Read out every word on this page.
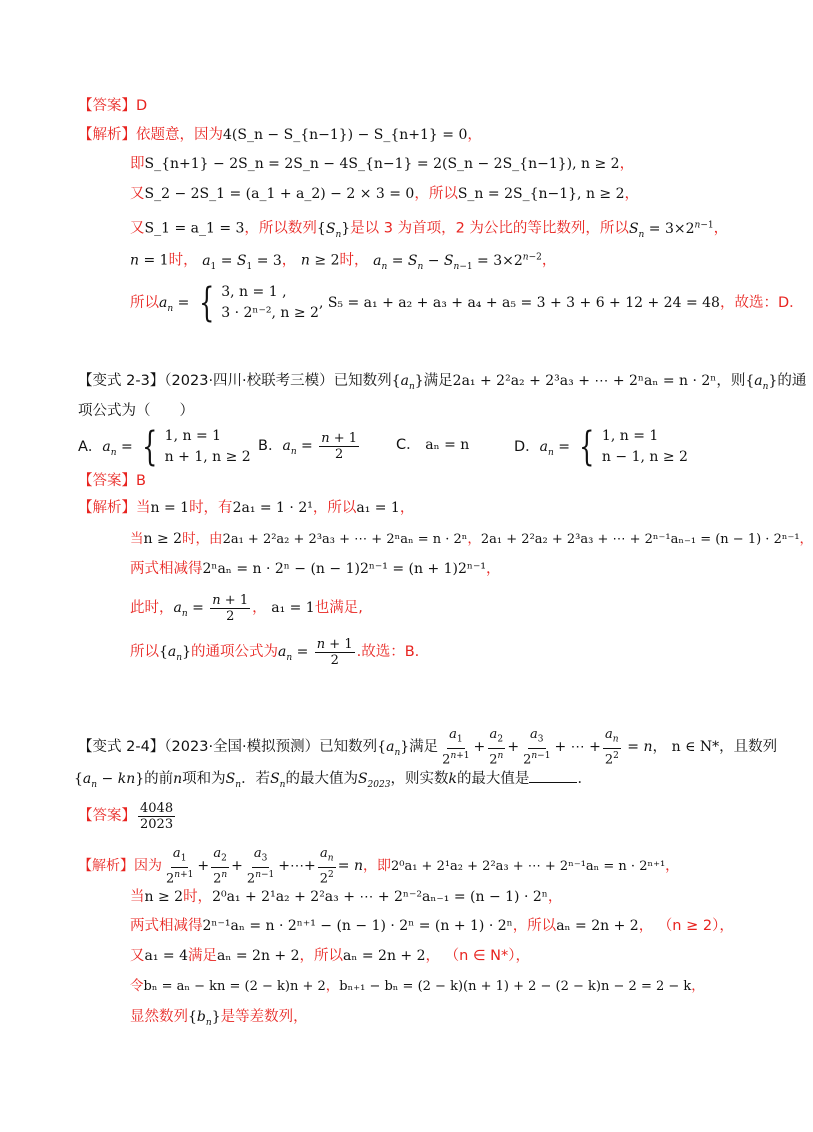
【答案】D
【解析】依题意，因为4(S_n − S_{n−1}) − S_{n+1} = 0，
即S_{n+1} − 2S_n = 2S_n − 4S_{n−1} = 2(S_n − 2S_{n−1}), n ≥ 2，
又S_2 − 2S_1 = (a_1 + a_2) − 2 × 3 = 0，所以S_n = 2S_{n−1}, n ≥ 2，
又S_1 = a_1 = 3，所以数列$\{S_n\}$是以 3 为首项，2 为公比的等比数列，所以$S_n = 3\times 2^{n-1}$，
n = 1时， $a_1 = S_1 = 3$， n ≥ 2时， $a_n = S_n - S_{n-1} = 3\times 2^{n-2}$，
所以$a_n$ = { 3, n = 1 ,
3 · 2ⁿ⁻², n ≥ 2
, S₅ = a₁ + a₂ + a₃ + a₄ + a₅ = 3 + 3 + 6 + 12 + 24 = 48，故选：D．
【变式 2-3】（2023·四川·校联考三模）已知数列$\{a_n\}$满足2a₁ + 2²a₂ + 2³a₃ + ⋯ + 2ⁿaₙ = n · 2ⁿ，则$\{a_n\}$的通
项公式为（　　）
A．$a_n$ = { 1, n = 1
n + 1, n ≥ 2
B．$a_n = \frac{n + 1}{2}$	C． aₙ = n	D．$a_n$ = { 1, n = 1
n − 1, n ≥ 2
【答案】B
【解析】当n = 1时，有2a₁ = 1 · 2¹，所以a₁ = 1，
当n ≥ 2时，由2a₁ + 2²a₂ + 2³a₃ + ⋯ + 2ⁿaₙ = n · 2ⁿ，2a₁ + 2²a₂ + 2³a₃ + ⋯ + 2ⁿ⁻¹aₙ₋₁ = (n − 1) · 2ⁿ⁻¹，
两式相减得2ⁿaₙ = n · 2ⁿ − (n − 1)2ⁿ⁻¹ = (n + 1)2ⁿ⁻¹，
此时，$a_n = \frac{n + 1}{2}$ ， a₁ = 1也满足,
所以$\{a_n\}$的通项公式为$a_n = \frac{n + 1}{2}$ .故选：B.
【变式 2-4】（2023·全国·模拟预测）已知数列$\{a_n\}$满足 $\frac{a_1}{2^{n+1}} + \frac{a_2}{2^n} + \frac{a_3}{2^{n-1}}$ + ⋯ + $\frac{a_n}{2^2} = n$， n ∈ N*，且数列
$\{a_n - kn\}$的前n项和为$S_n$．若$S_n$的最大值为$S_{2023}$，则实数k的最大值是	．
【答案】 $\frac{4048}{2023}$
【解析】因为 $\frac{a_1}{2^{n+1}} + \frac{a_2}{2^n} + \frac{a_3}{2^{n-1}}$ +⋯+ $\frac{a_n}{2^2} = n$，即2⁰a₁ + 2¹a₂ + 2²a₃ + ⋯ + 2ⁿ⁻¹aₙ = n · 2ⁿ⁺¹，
当n ≥ 2时，2⁰a₁ + 2¹a₂ + 2²a₃ + ⋯ + 2ⁿ⁻²aₙ₋₁ = (n − 1) · 2ⁿ，
两式相减得2ⁿ⁻¹aₙ = n · 2ⁿ⁺¹ − (n − 1) · 2ⁿ = (n + 1) · 2ⁿ，所以aₙ = 2n + 2， （n ≥ 2），
又a₁ = 4满足aₙ = 2n + 2，所以aₙ = 2n + 2， （n ∈ N*），
令bₙ = aₙ − kn = (2 − k)n + 2，bₙ₊₁ − bₙ = (2 − k)(n + 1) + 2 − (2 − k)n − 2 = 2 − k，
显然数列$\{b_n\}$是等差数列，
